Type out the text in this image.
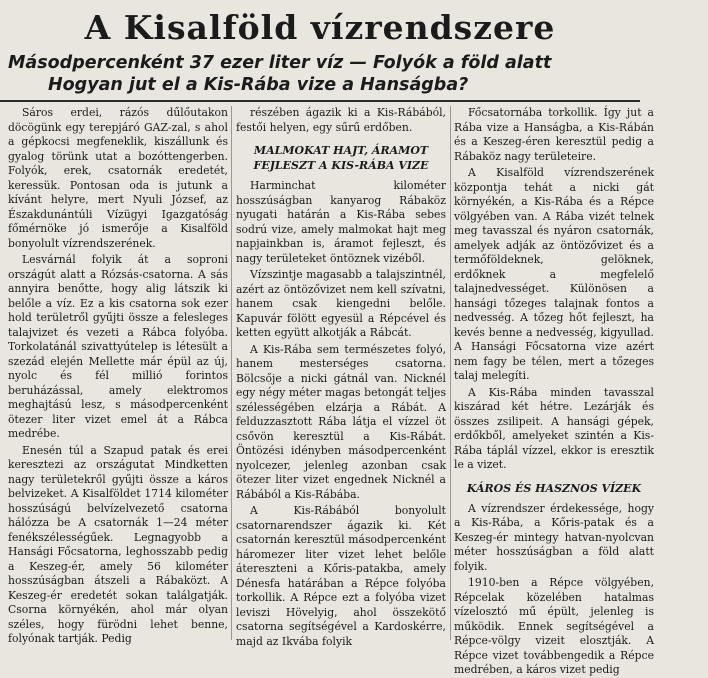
A Kisalföld vízrendszere
Másodpercenként 37 ezer liter víz — Folyók a föld alatt
Hogyan jut el a Kis-Rába vize a Hanságba?

Sáros erdei, rázós dűlőutakon döcögünk egy terepjáró GAZ-zal, s ahol a gépkocsi megfeneklik, kiszállunk és gyalog törünk utat a bozóttengerben. Folyók, erek, csatornák eredetét, keressük. Pontosan oda is jutunk a kívánt helyre, mert Nyuli József, az Északdunántúli Vízügyi Igazgatóság főmérnöke jó ismerője a Kisalföld bonyolult vízrendszerének.

Lesvárnál folyik át a soproni országút alatt a Rózsás-csatorna. A sás annyira benőtte, hogy alig látszik ki belőle a víz. Ez a kis csatorna sok ezer hold területről gyűjti össze a felesleges talajvizet és vezeti a Rábca folyóba. Torkolatánál szivattyútelep is létesült a szezád elején Mellette már épül az új, nyolc és fél millió forintos beruházással, amely elektromos meghajtású lesz, s másodpercenként ötezer liter vizet emel át a Rábca medrébe.

Enesén túl a Szapud patak és erei keresztezi az országutat Mindketten nagy területekről gyűjti össze a káros belvizeket. A Kisalföldet 1714 kilométer hosszúságú belvízelvezető csatorna hálózza be A csatornák 1—24 méter fenékszélességűek. Legnagyobb a Hansági Főcsatorna, leghosszabb pedig a Keszeg-ér, amely 56 kilométer hosszúságban átszeli a Rábaközt. A Keszeg-ér eredetét sokan találgatják. Csorna környékén, ahol már olyan széles, hogy fürödni lehet benne, folyónak tartják. Pedig

részében ágazik ki a Kis-Rábából, festői helyen, egy sűrű erdőben.

MALMOKAT HAJT, ÁRAMOT FEJLESZT A KIS-RÁBA VIZE

Harminchat kilométer hosszúságban kanyarog Rábaköz nyugati határán a Kis-Rába sebes sodrú vize, amely malmokat hajt meg napjainkban is, áramot fejleszt, és nagy területeket öntöznek vizéből.

Vízszintje magasabb a talajszintnél, azért az öntözővizet nem kell szívatni, hanem csak kiengedni belőle. Kapuvár fölött egyesül a Répcével és ketten együtt alkotják a Rábcát.

A Kis-Rába sem természetes folyó, hanem mesterséges csatorna. Bölcsője a nicki gátnál van. Nicknél egy négy méter magas betongát teljes szélességében elzárja a Rábát. A felduzzasztott Rába látja el vízzel öt csővön keresztül a Kis-Rábát. Öntözési idényben másodpercenként nyolcezer, jelenleg azonban csak ötezer liter vizet engednek Nicknél a Rábából a Kis-Rábába.

A Kis-Rábából bonyolult csatornarendszer ágazik ki. Két csatornán keresztül másodpercenként háromezer liter vizet lehet belőle átereszteni a Kőris-patakba, amely Dénesfa határában a Répce folyóba torkollik. A Répce ezt a folyóba vizet leviszi Hövelyig, ahol összekötő csatorna segítségével a Kardoskérre, majd az Ikvába folyik

Főcsatornába torkollik. Így jut a Rába vize a Hanságba, a Kis-Rábán és a Keszeg-éren keresztül pedig a Rábaköz nagy területeire.

A Kisalföld vízrendszerének központja tehát a nicki gát környékén, a Kis-Rába és a Répce völgyében van. A Rába vizét telnek meg tavasszal és nyáron csatornák, amelyek adják az öntözővizet és a termőföldeknek, gelöknek, erdőknek a megfelelő talajnedvességet. Különösen a hansági tőzeges talajnak fontos a nedvesség. A tőzeg hőt fejleszt, ha kevés benne a nedvesség, kigyullad. A Hansági Főcsatorna vize azért nem fagy be télen, mert a tőzeges talaj melegíti.

A Kis-Rába minden tavasszal kiszárad két hétre. Lezárják és összes zsilipeit. A hansági gépek, erdőkből, amelyeket szintén a Kis-Rába táplál vízzel, ekkor is eresztik le a vizet.

KÁROS ÉS HASZNOS VÍZEK

A vízrendszer érdekessége, hogy a Kis-Rába, a Kőris-patak és a Keszeg-ér mintegy hatvan-nyolcvan méter hosszúságban a föld alatt folyik.

1910-ben a Répce völgyében, Répcelak közelében hatalmas vízelosztó mű épült, jelenleg is működik. Ennek segítségével a Répce-völgy vizeit elosztják. A Répce vizet továbbengedik a Répce medrében, a káros vizet pedig
